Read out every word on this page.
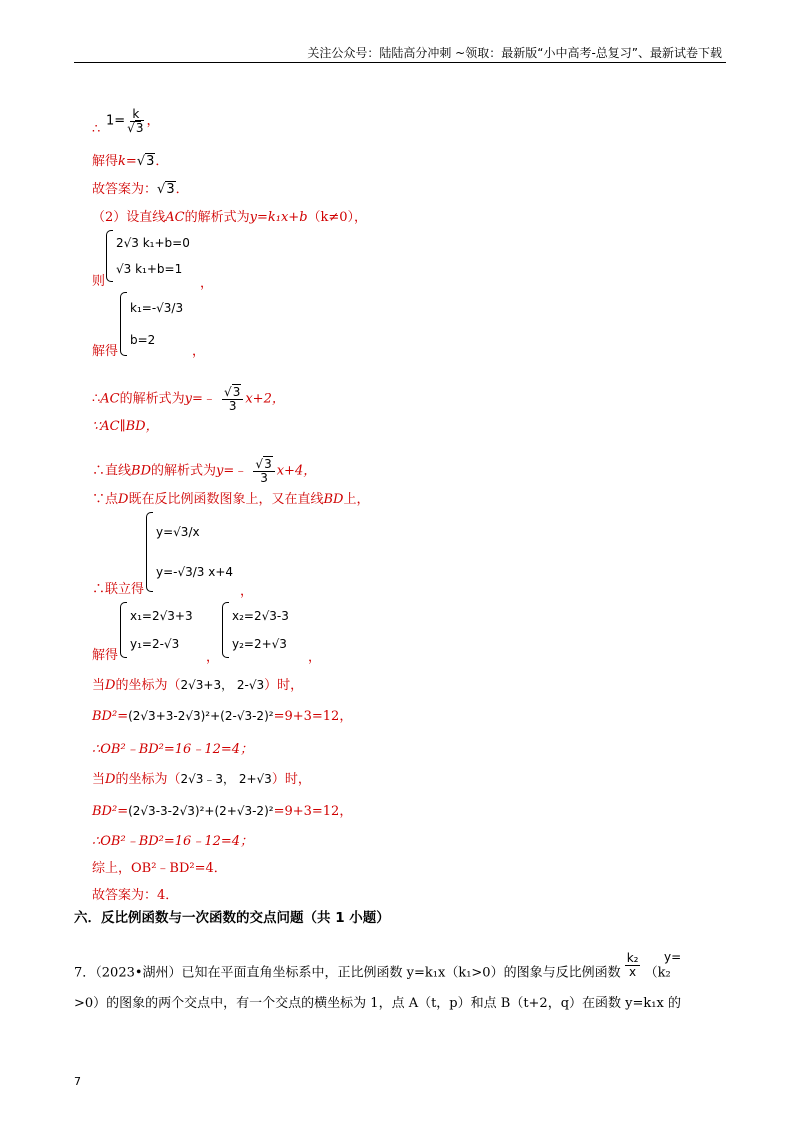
关注公众号：陆陆高分冲刺 ~领取：最新版“小中高考-总复习”、最新试卷下载
∴
$1= \frac{k}{√3}$ ，
解得k=√3．
故答案为：√3．
（2）设直线AC的解析式为y=k₁x+b（k≠0），
则
2√3 k₁+b=0
√3 k₁+b=1
，
解得
k₁=-√3/3
b=2
，
∴AC的解析式为y=﹣ $\frac{√3}{3} x+2$，
∵AC∥BD，
∴直线BD的解析式为y=﹣ $\frac{√3}{3} x+4$，
∵点D既在反比例函数图象上，又在直线BD上，
∴联立得
y=√3/x
y=-√3/3 x+4
，
解得
x₁=2√3+3
y₁=2-√3
，
x₂=2√3-3
y₂=2+√3
，
当D的坐标为（2√3+3， 2-√3）时，
BD²=(2√3+3-2√3)²+(2-√3-2)²=9+3=12，
∴OB²﹣BD²=16﹣12=4；
当D的坐标为（2√3﹣3， 2+√3）时，
BD²=(2√3-3-2√3)²+(2+√3-2)²=9+3=12，
∴OB²﹣BD²=16﹣12=4；
综上，OB²﹣BD²=4．
故答案为：4．
六．反比例函数与一次函数的交点问题（共 1 小题）
7．（2023•湖州）已知在平面直角坐标系中，正比例函数 y=k₁x（k₁>0）的图象与反比例函数 $\frac{\text{k₂}}{x}$
y=
（k₂
>0）的图象的两个交点中，有一个交点的横坐标为 1，点 A（t，p）和点 B（t+2，q）在函数 y=k₁x 的
7
